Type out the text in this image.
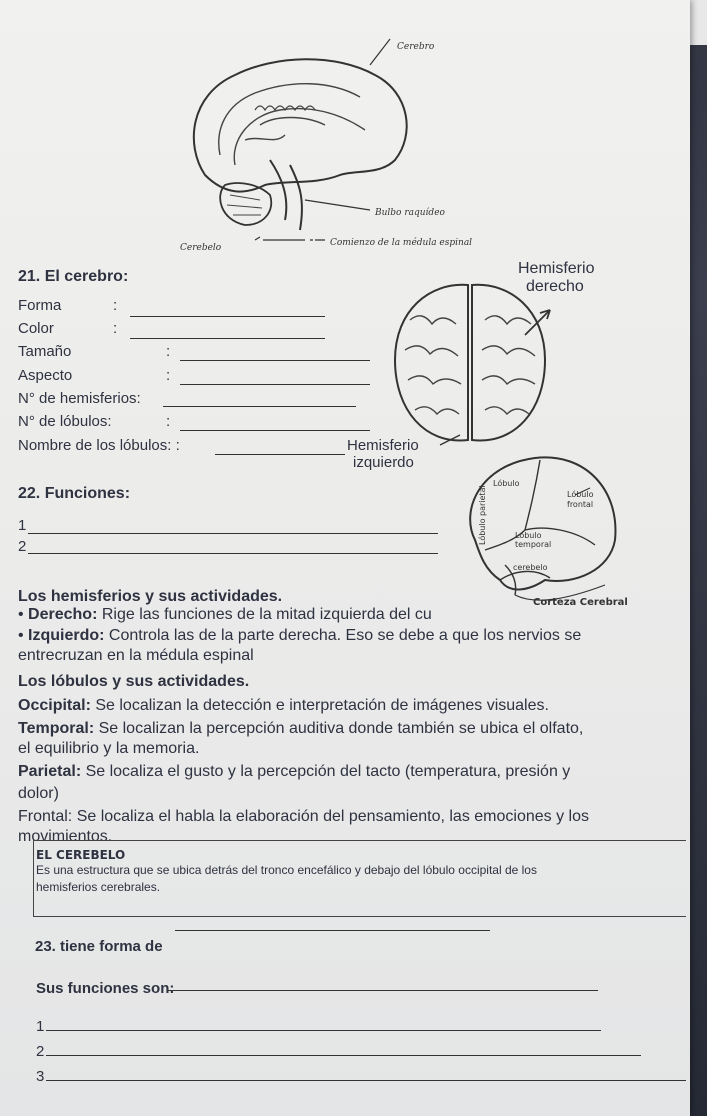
Cerebro
Bulbo raquídeo
Comienzo de la médula espinal
Cerebelo
21. El cerebro:	Hemisferio
derecho
Forma	:
Color	:
Tamaño	:
Aspecto	:
N° de hemisferios:
N° de lóbulos:	:
Nombre de los lóbulos: :	Hemisferio
izquierdo
22. Funciones:
1
2
Lóbulo
Lóbulo
frontal
Lóbulo
temporal
Lóbulo parietal
cerebelo
Corteza Cerebral
Los hemisferios y sus actividades.
• Derecho: Rige las funciones de la mitad izquierda del cu
• Izquierdo: Controla las de la parte derecha. Eso se debe a que los nervios se
entrecruzan en la médula espinal
Los lóbulos y sus actividades.
Occipital: Se localizan la detección e interpretación de imágenes visuales.
Temporal: Se localizan la percepción auditiva donde también se ubica el olfato,
el equilibrio y la memoria.
Parietal: Se localiza el gusto y la percepción del tacto (temperatura, presión y
dolor)
Frontal: Se localiza el habla la elaboración del pensamiento, las emociones y los
movimientos.
EL CEREBELO
Es una estructura que se ubica detrás del tronco encefálico y debajo del lóbulo occipital de los
hemisferios cerebrales.
23. tiene forma de
Sus funciones son:
1
2
3
